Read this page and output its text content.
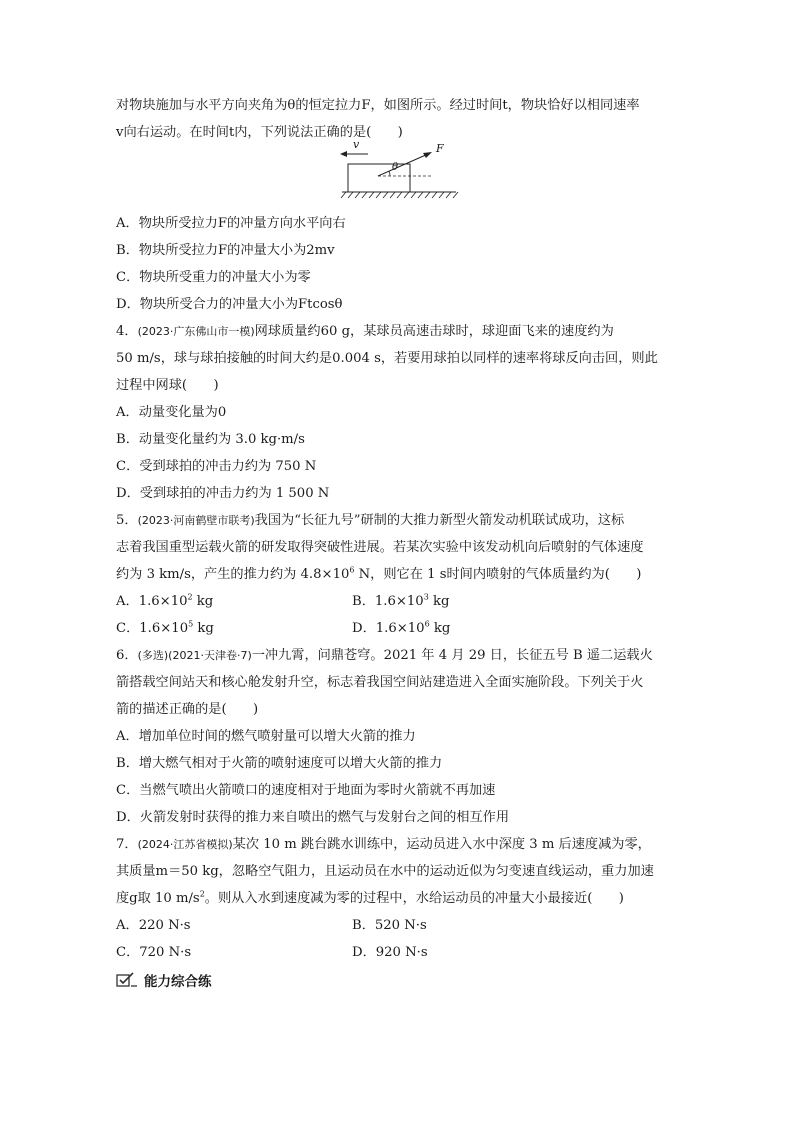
对物块施加与水平方向夹角为θ的恒定拉力F，如图所示。经过时间t，物块恰好以相同速率
v向右运动。在时间t内，下列说法正确的是(　　)
v	F
θ
A．物块所受拉力F的冲量方向水平向右
B．物块所受拉力F的冲量大小为2mv
C．物块所受重力的冲量大小为零
D．物块所受合力的冲量大小为Ftcosθ
4．(2023·广东佛山市一模)网球质量约60 g，某球员高速击球时，球迎面飞来的速度约为
50 m/s，球与球拍接触的时间大约是0.004 s，若要用球拍以同样的速率将球反向击回，则此
过程中网球(　　)
A．动量变化量为0
B．动量变化量约为 3.0 kg·m/s
C．受到球拍的冲击力约为 750 N
D．受到球拍的冲击力约为 1 500 N
5．(2023·河南鹤壁市联考)我国为“长征九号”研制的大推力新型火箭发动机联试成功，这标
志着我国重型运载火箭的研发取得突破性进展。若某次实验中该发动机向后喷射的气体速度
约为 3 km/s，产生的推力约为 $4.8\times 10^6$ N，则它在 1 s时间内喷射的气体质量约为(　　)
A．$1.6\times 10^2$ kg	B．$1.6\times 10^3$ kg
C．$1.6\times 10^5$ kg	D．$1.6\times 10^6$ kg
6．(多选)(2021·天津卷·7)一冲九霄，问鼎苍穹。2021 年 4 月 29 日，长征五号 B 遥二运载火
箭搭载空间站天和核心舱发射升空，标志着我国空间站建造进入全面实施阶段。下列关于火
箭的描述正确的是(　　)
A．增加单位时间的燃气喷射量可以增大火箭的推力
B．增大燃气相对于火箭的喷射速度可以增大火箭的推力
C．当燃气喷出火箭喷口的速度相对于地面为零时火箭就不再加速
D．火箭发射时获得的推力来自喷出的燃气与发射台之间的相互作用
7．(2024·江苏省模拟)某次 10 m 跳台跳水训练中，运动员进入水中深度 3 m 后速度减为零，
其质量m＝50 kg，忽略空气阻力，且运动员在水中的运动近似为匀变速直线运动，重力加速
度g取 10 $m/s^2$。则从入水到速度减为零的过程中，水给运动员的冲量大小最接近(　　)
A．220 N·s	B．520 N·s
C．720 N·s	D．920 N·s
能力综合练
